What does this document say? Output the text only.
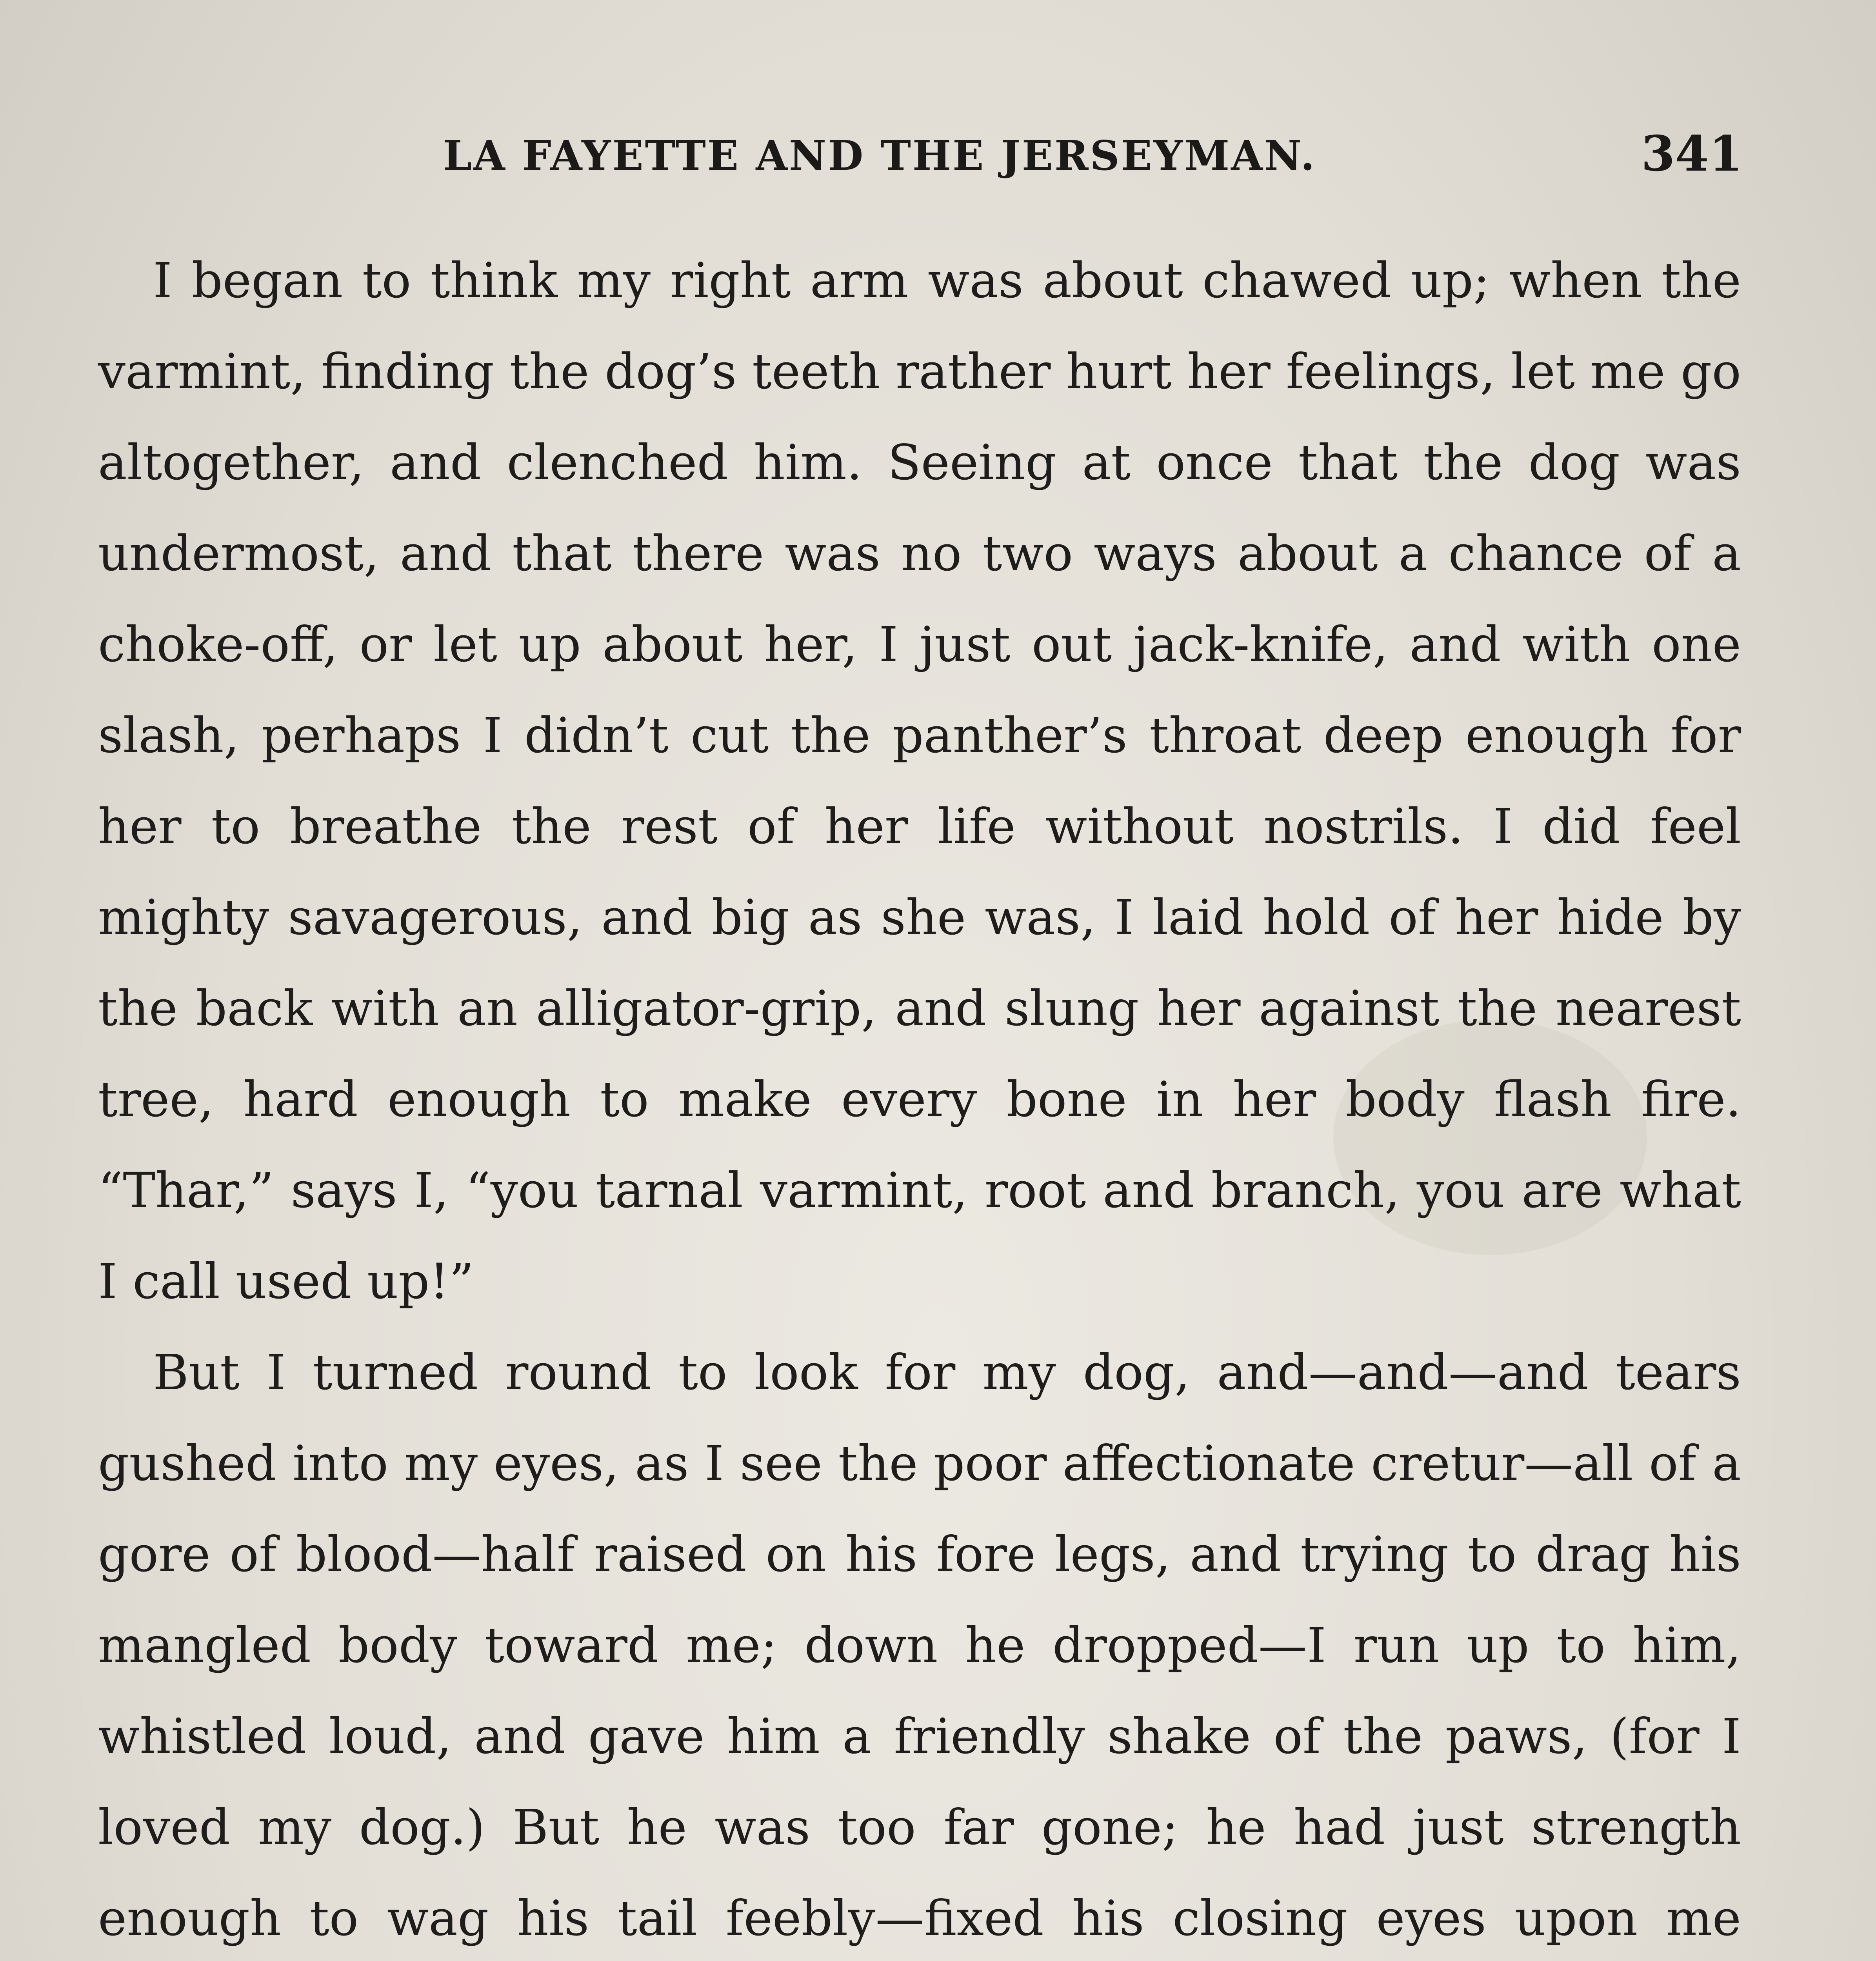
LA FAYETTE AND THE JERSEYMAN.	341

I began to think my right arm was about chawed up; when the varmint, finding the dog’s teeth rather hurt her feelings, let me go altogether, and clenched him. Seeing at once that the dog was undermost, and that there was no two ways about a chance of a choke-off, or let up about her, I just out jack-knife, and with one slash, perhaps I didn’t cut the panther’s throat deep enough for her to breathe the rest of her life without nostrils. I did feel mighty savagerous, and big as she was, I laid hold of her hide by the back with an alligator-grip, and slung her against the nearest tree, hard enough to make every bone in her body flash fire. “Thar,” says I, “you tarnal varmint, root and branch, you are what I call used up!”

But I turned round to look for my dog, and—and—and tears gushed into my eyes, as I see the poor affectionate cretur—all of a gore of blood—half raised on his fore legs, and trying to drag his mangled body toward me; down he dropped—I run up to him, whistled loud, and gave him a friendly shake of the paws, (for I loved my dog.) But he was too far gone; he had just strength enough to wag his tail feebly—fixed his closing eyes upon me
